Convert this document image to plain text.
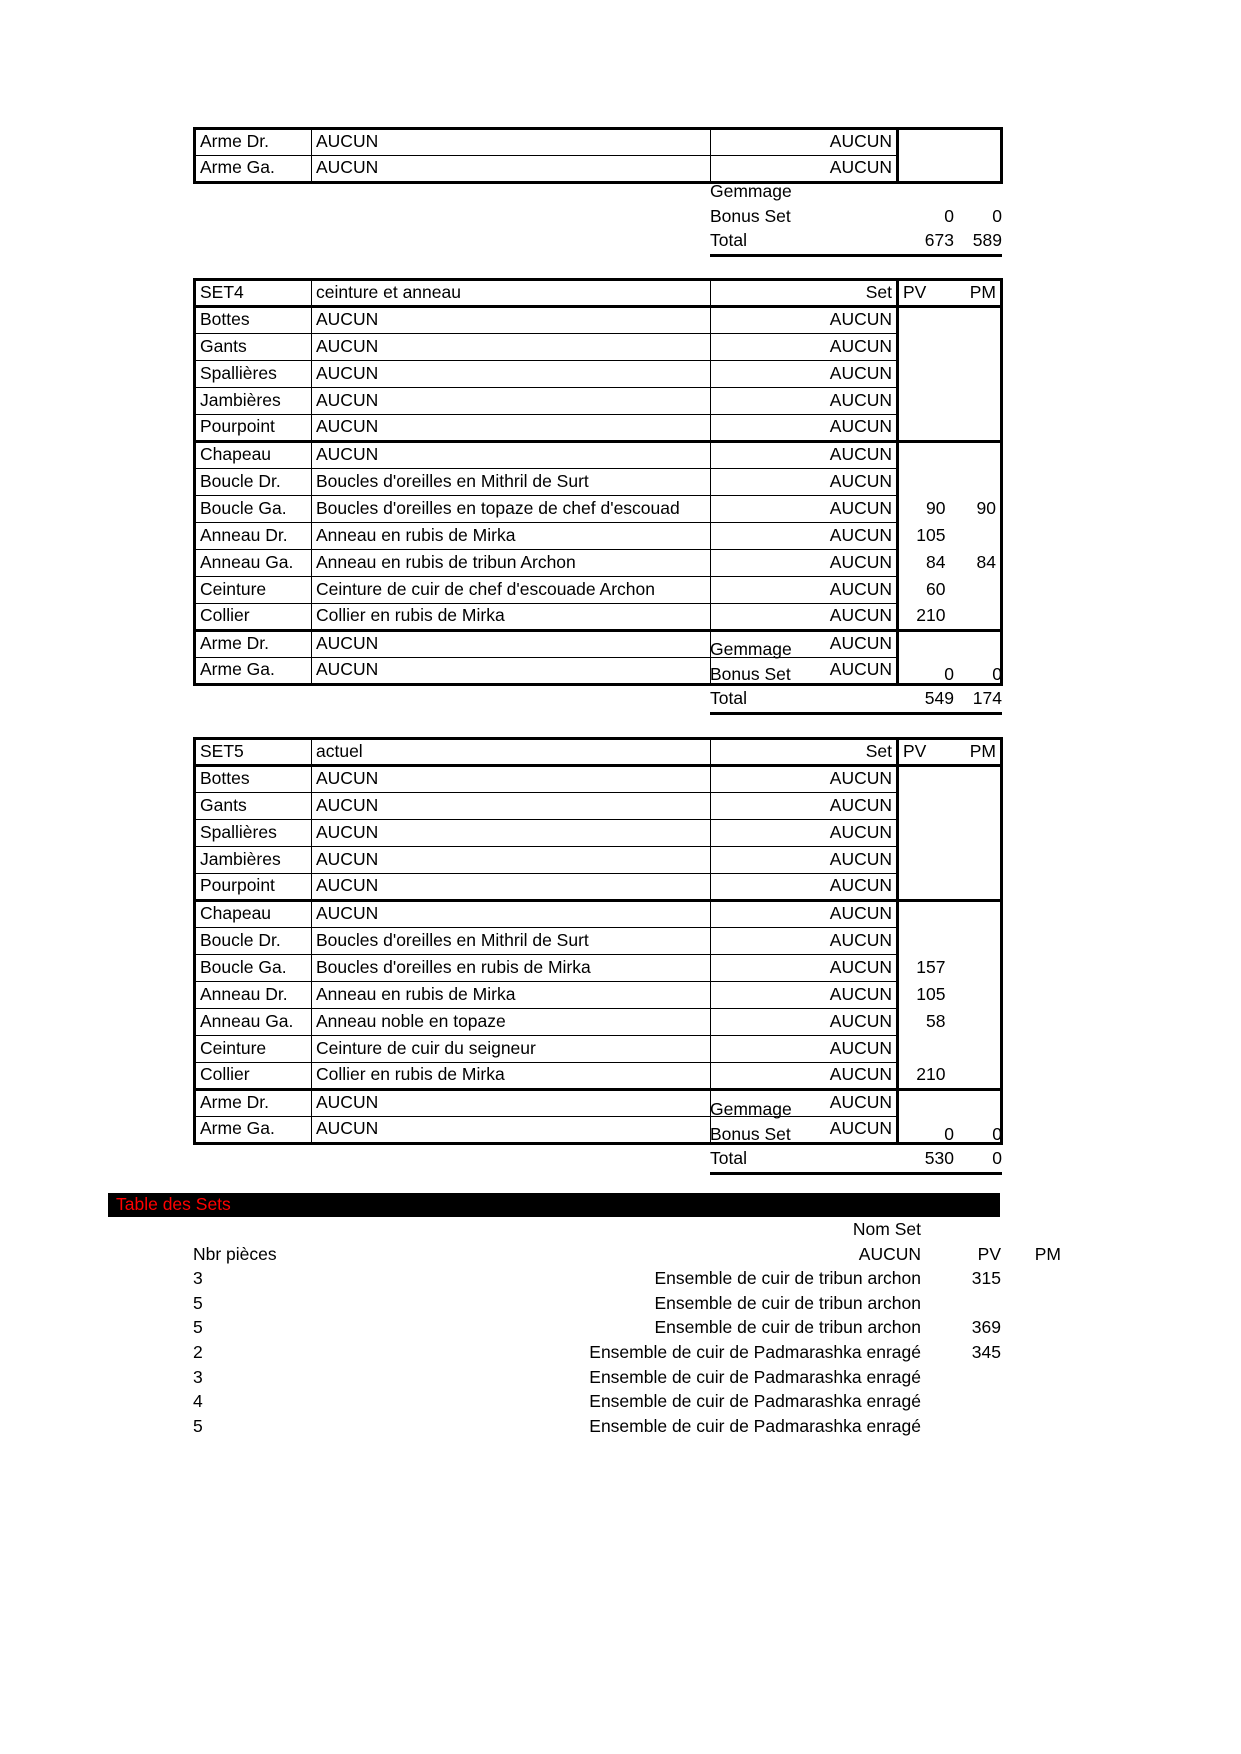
Arme Dr.	AUCUN	AUCUN		
Arme Ga.	AUCUN	AUCUN		
Gemmage
Bonus Set	0	0
Total	673	589
SET4	ceinture et anneau	Set	PV	PM
Bottes	AUCUN	AUCUN		
Gants	AUCUN	AUCUN		
Spallières	AUCUN	AUCUN		
Jambières	AUCUN	AUCUN		
Pourpoint	AUCUN	AUCUN		
Chapeau	AUCUN	AUCUN		
Boucle Dr.	Boucles d'oreilles en Mithril de Surt	AUCUN		
Boucle Ga.	Boucles d'oreilles en topaze de chef d'escouad	AUCUN	90	90
Anneau Dr.	Anneau en rubis de Mirka	AUCUN	105	
Anneau Ga.	Anneau en rubis de tribun Archon	AUCUN	84	84
Ceinture	Ceinture de cuir de chef d'escouade Archon	AUCUN	60	
Collier	Collier en rubis de Mirka	AUCUN	210	
Arme Dr.	AUCUN	AUCUN		
Arme Ga.	AUCUN	AUCUN		
Gemmage
Bonus Set	0	0
Total	549	174
SET5	actuel	Set	PV	PM
Bottes	AUCUN	AUCUN		
Gants	AUCUN	AUCUN		
Spallières	AUCUN	AUCUN		
Jambières	AUCUN	AUCUN		
Pourpoint	AUCUN	AUCUN		
Chapeau	AUCUN	AUCUN		
Boucle Dr.	Boucles d'oreilles en Mithril de Surt	AUCUN		
Boucle Ga.	Boucles d'oreilles en rubis de Mirka	AUCUN	157	
Anneau Dr.	Anneau en rubis de Mirka	AUCUN	105	
Anneau Ga.	Anneau noble en topaze	AUCUN	58	
Ceinture	Ceinture de cuir du seigneur	AUCUN		
Collier	Collier en rubis de Mirka	AUCUN	210	
Arme Dr.	AUCUN	AUCUN		
Arme Ga.	AUCUN	AUCUN		
Gemmage
Bonus Set	0	0
Total	530	0
Table des Sets
	Nom Set			
Nbr pièces	AUCUN		PV	PM
3	Ensemble de cuir de tribun archon		315	
5	Ensemble de cuir de tribun archon			
5	Ensemble de cuir de tribun archon		369	
2	Ensemble de cuir de Padmarashka enragé		345	
3	Ensemble de cuir de Padmarashka enragé			
4	Ensemble de cuir de Padmarashka enragé			
5	Ensemble de cuir de Padmarashka enragé			
